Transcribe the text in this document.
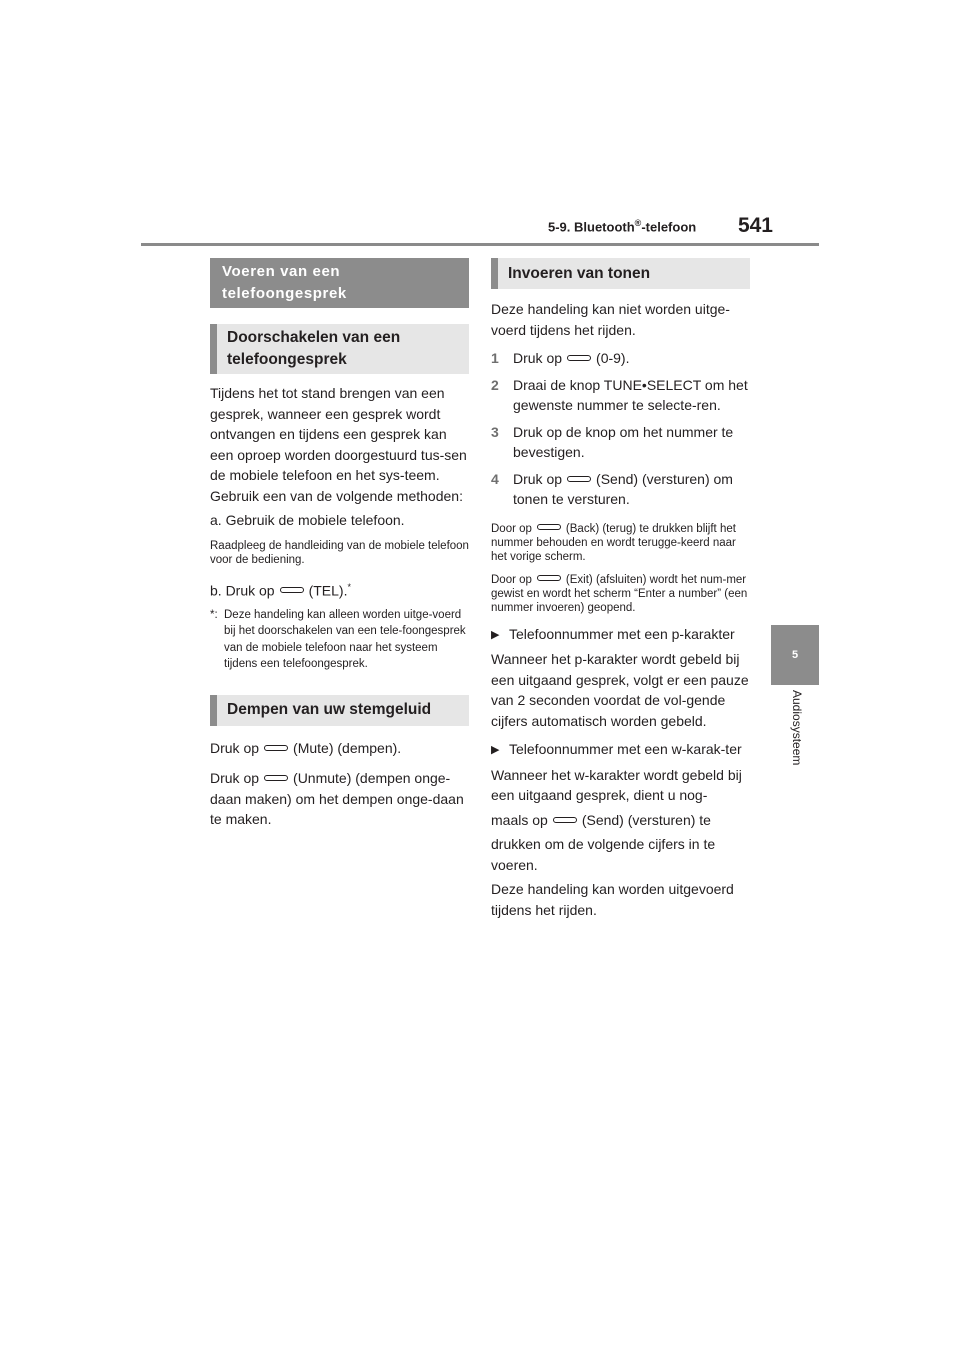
5-9. Bluetooth®-telefoon 541
5
Audiosysteem
Voeren van een telefoongesprek
Doorschakelen van een telefoongesprek

Tijdens het tot stand brengen van een gesprek, wanneer een gesprek wordt ontvangen en tijdens een gesprek kan een oproep worden doorgestuurd tus-sen de mobiele telefoon en het sys-teem. Gebruik een van de volgende methoden:

a. Gebruik de mobiele telefoon.

Raadpleeg de handleiding van de mobiele telefoon voor de bediening.

b. Druk op (TEL).*

*: Deze handeling kan alleen worden uitge-voerd bij het doorschakelen van een tele-foongesprek van de mobiele telefoon naar het systeem tijdens een telefoongesprek.
Dempen van uw stemgeluid

Druk op (Mute) (dempen).

Druk op (Unmute) (dempen onge-

daan maken) om het dempen onge-daan te maken.

Invoeren van tonen

Deze handeling kan niet worden uitge-voerd tijdens het rijden.

1	Druk op (0-9).
2	Draai de knop TUNE•SELECT om het gewenste nummer te selecte-ren.
3	Druk op de knop om het nummer te bevestigen.
4	Druk op (Send) (versturen) om tonen te versturen.

Door op	(Back) (terug) te drukken blijft het nummer behouden en wordt terugge-keerd naar het vorige scherm.

Door op	(Exit) (afsluiten) wordt het num-mer gewist en wordt het scherm “Enter a number” (een nummer invoeren) geopend.

▶ Telefoonnummer met een p-karakter

Wanneer het p-karakter wordt gebeld bij een uitgaand gesprek, volgt er een pauze van 2 seconden voordat de vol-gende cijfers automatisch worden gebeld.

▶ Telefoonnummer met een w-karak-ter

Wanneer het w-karakter wordt gebeld bij een uitgaand gesprek, dient u nog-

maals op (Send) (versturen) te

drukken om de volgende cijfers in te voeren.

Deze handeling kan worden uitgevoerd tijdens het rijden.
